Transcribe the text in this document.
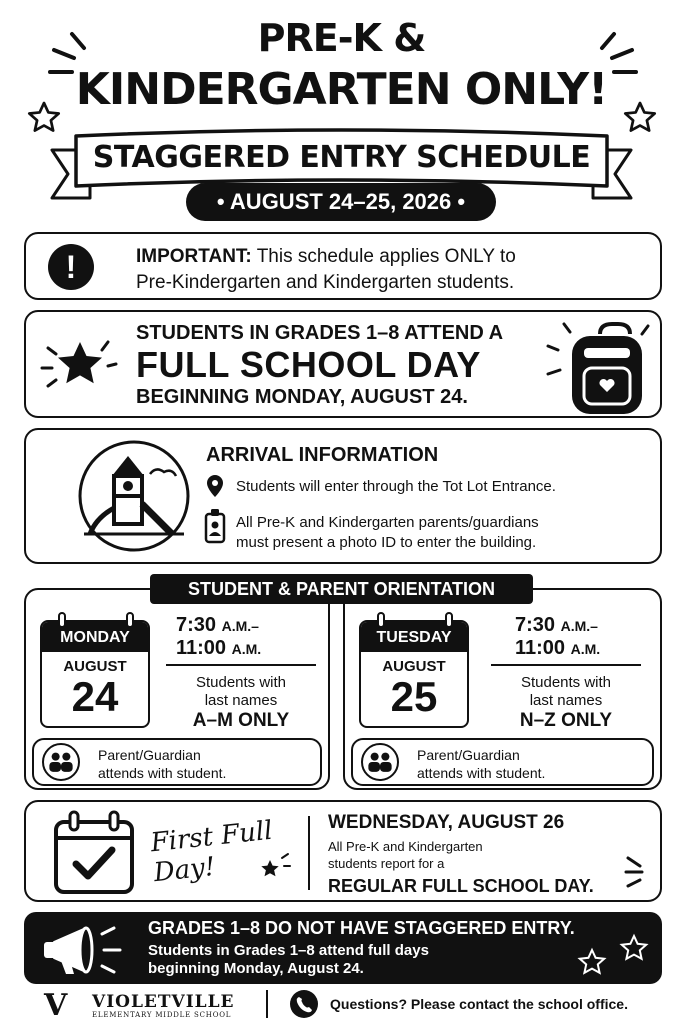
PRE-K &
KINDERGARTEN ONLY!
STAGGERED ENTRY SCHEDULE
• AUGUST 24–25, 2026 •
!	IMPORTANT: This schedule applies ONLY to
Pre-Kindergarten and Kindergarten students.
STUDENTS IN GRADES 1–8 ATTEND A
FULL SCHOOL DAY
BEGINNING MONDAY, AUGUST 24.
ARRIVAL INFORMATION
Students will enter through the Tot Lot Entrance.
All Pre-K and Kindergarten parents/guardians
must present a photo ID to enter the building.
MONDAY
AUGUST
24
7:30 A.M.–
11:00 A.M.
Students with
last names
A–M ONLY
Parent/Guardian
attends with student.
TUESDAY
AUGUST
25
7:30 A.M.–
11:00 A.M.
Students with
last names
N–Z ONLY
Parent/Guardian
attends with student.
STUDENT & PARENT ORIENTATION
First Full
Day!
WEDNESDAY, AUGUST 26
All Pre-K and Kindergarten
students report for a
REGULAR FULL SCHOOL DAY.
GRADES 1–8 DO NOT HAVE STAGGERED ENTRY.
Students in Grades 1–8 attend full days
beginning Monday, August 24.
V VIOLETVILLE
ELEMENTARY MIDDLE SCHOOL
Questions? Please contact the school office.
